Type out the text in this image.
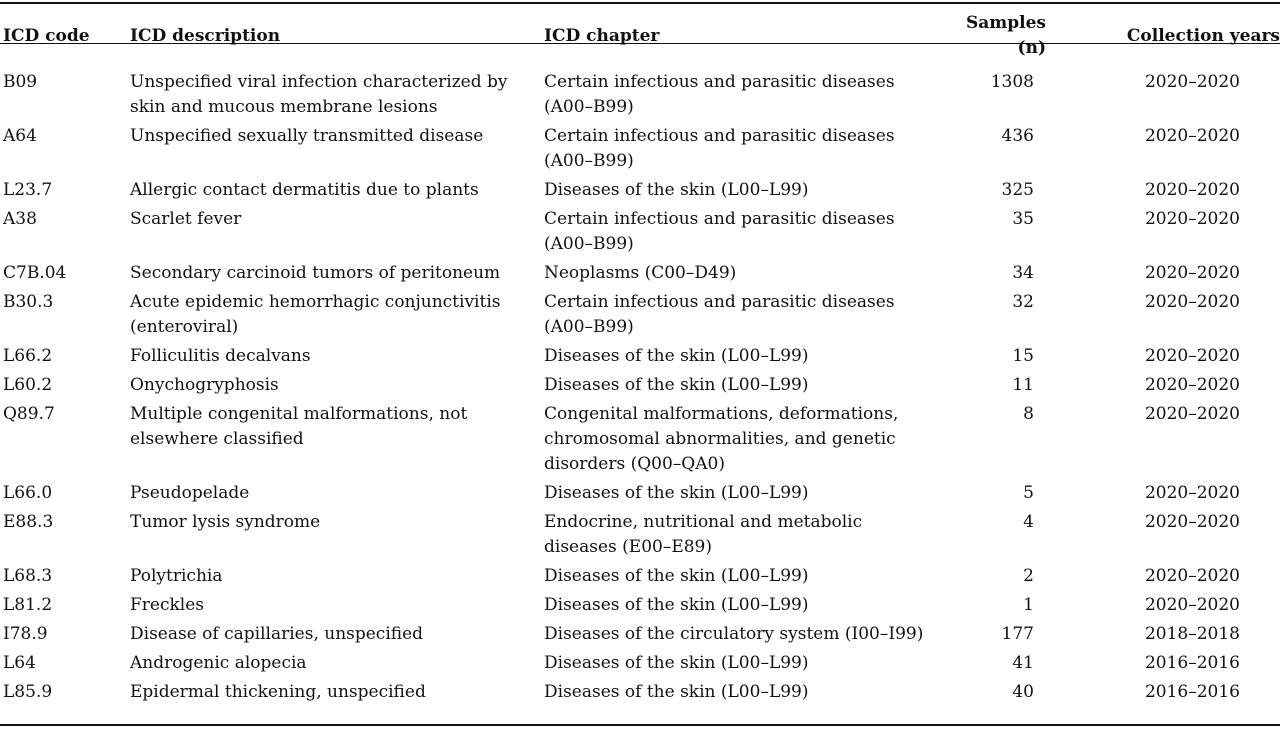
ICD code	ICD description	ICD chapter	Samples (n)	Collection years
B09	Unspecified viral infection characterized by skin and mucous membrane lesions	Certain infectious and parasitic diseases (A00–B99)	1308	2020–2020
A64	Unspecified sexually transmitted disease	Certain infectious and parasitic diseases (A00–B99)	436	2020–2020
L23.7	Allergic contact dermatitis due to plants	Diseases of the skin (L00–L99)	325	2020–2020
A38	Scarlet fever	Certain infectious and parasitic diseases (A00–B99)	35	2020–2020
C7B.04	Secondary carcinoid tumors of peritoneum	Neoplasms (C00–D49)	34	2020–2020
B30.3	Acute epidemic hemorrhagic conjunctivitis (enteroviral)	Certain infectious and parasitic diseases (A00–B99)	32	2020–2020
L66.2	Folliculitis decalvans	Diseases of the skin (L00–L99)	15	2020–2020
L60.2	Onychogryphosis	Diseases of the skin (L00–L99)	11	2020–2020
Q89.7	Multiple congenital malformations, not elsewhere classified	Congenital malformations, deformations, chromosomal abnormalities, and genetic disorders (Q00–QA0)	8	2020–2020
L66.0	Pseudopelade	Diseases of the skin (L00–L99)	5	2020–2020
E88.3	Tumor lysis syndrome	Endocrine, nutritional and metabolic diseases (E00–E89)	4	2020–2020
L68.3	Polytrichia	Diseases of the skin (L00–L99)	2	2020–2020
L81.2	Freckles	Diseases of the skin (L00–L99)	1	2020–2020
I78.9	Disease of capillaries, unspecified	Diseases of the circulatory system (I00–I99)	177	2018–2018
L64	Androgenic alopecia	Diseases of the skin (L00–L99)	41	2016–2016
L85.9	Epidermal thickening, unspecified	Diseases of the skin (L00–L99)	40	2016–2016
